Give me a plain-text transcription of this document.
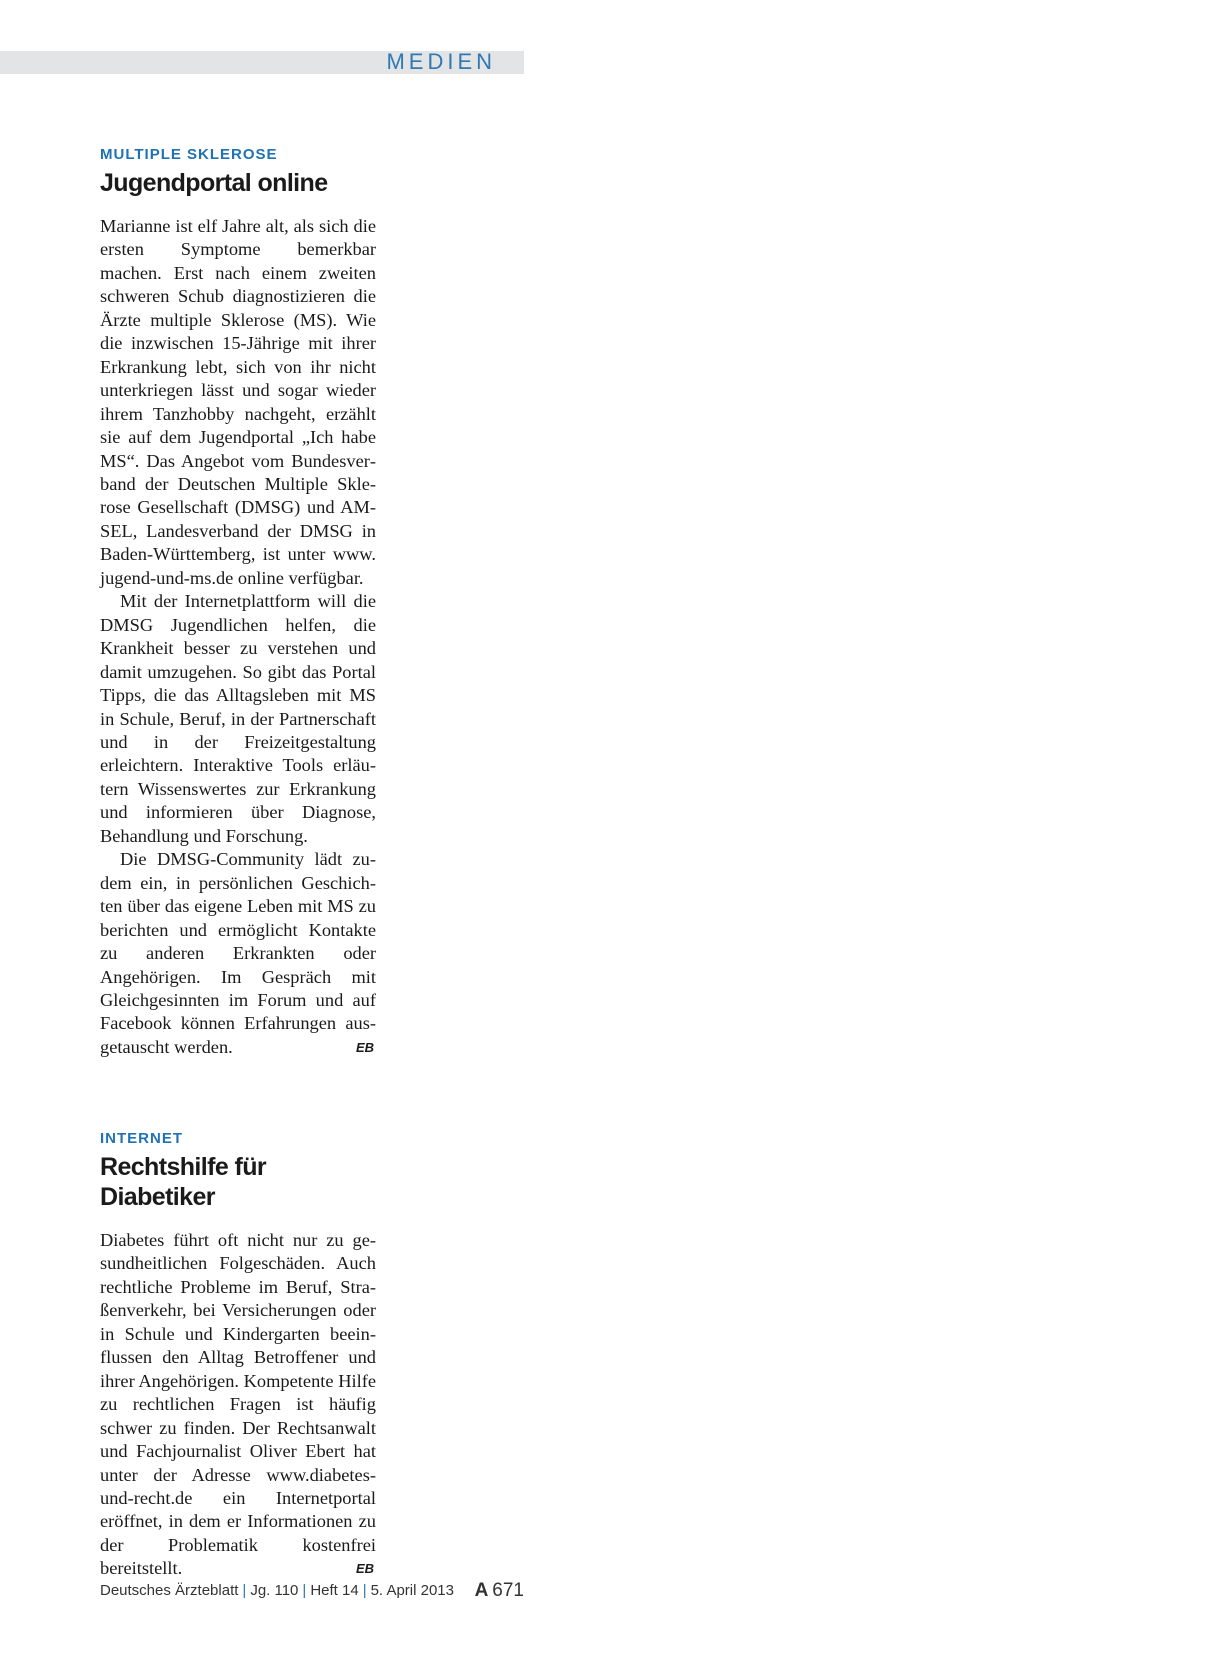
MEDIEN

MULTIPLE SKLEROSE

Jugendportal online

Marianne ist elf Jahre alt, als sich die ersten Symptome bemerkbar machen. Erst nach einem zweiten schweren Schub diagnostizieren die Ärzte multiple Sklerose (MS). Wie die inzwischen 15-Jährige mit ihrer Erkrankung lebt, sich von ihr nicht unterkriegen lässt und sogar wieder ihrem Tanzhobby nachgeht, erzählt sie auf dem Jugendportal „Ich habe MS“. Das Angebot vom Bundesverband der Deutschen Multiple Sklerose Gesellschaft (DMSG) und AMSEL, Landesverband der DMSG in Baden-Württemberg, ist unter www.​jugend-und-ms.de online verfügbar.

Mit der Internetplattform will die DMSG Jugendlichen helfen, die Krankheit besser zu verstehen und damit umzugehen. So gibt das Portal Tipps, die das Alltagsleben mit MS in Schule, Beruf, in der Partnerschaft und in der Freizeitgestaltung erleichtern. Interaktive Tools erläutern Wissenswertes zur Erkrankung und informieren über Diagnose, Behandlung und Forschung.

Die DMSG-Community lädt zudem ein, in persönlichen Geschichten über das eigene Leben mit MS zu berichten und ermöglicht Kontakte zu anderen Erkrankten oder Angehörigen. Im Gespräch mit Gleichgesinnten im Forum und auf Facebook können Erfahrungen ausgetauscht werden.	EB

INTERNET

Rechtshilfe für Diabetiker

Diabetes führt oft nicht nur zu gesundheitlichen Folgeschäden. Auch rechtliche Probleme im Beruf, Straßenverkehr, bei Versicherungen oder in Schule und Kindergarten beeinflussen den Alltag Betroffener und ihrer Angehörigen. Kompetente Hilfe zu rechtlichen Fragen ist häufig schwer zu finden. Der Rechtsanwalt und Fachjournalist Oliver Ebert hat unter der Adresse www.​diabetes-und-recht.de ein Internetportal eröffnet, in dem er Informationen zu der Problematik kostenfrei bereitstellt.	EB

Deutsches Ärzteblatt | Jg. 110 | Heft 14 | 5. April 2013 A 671
